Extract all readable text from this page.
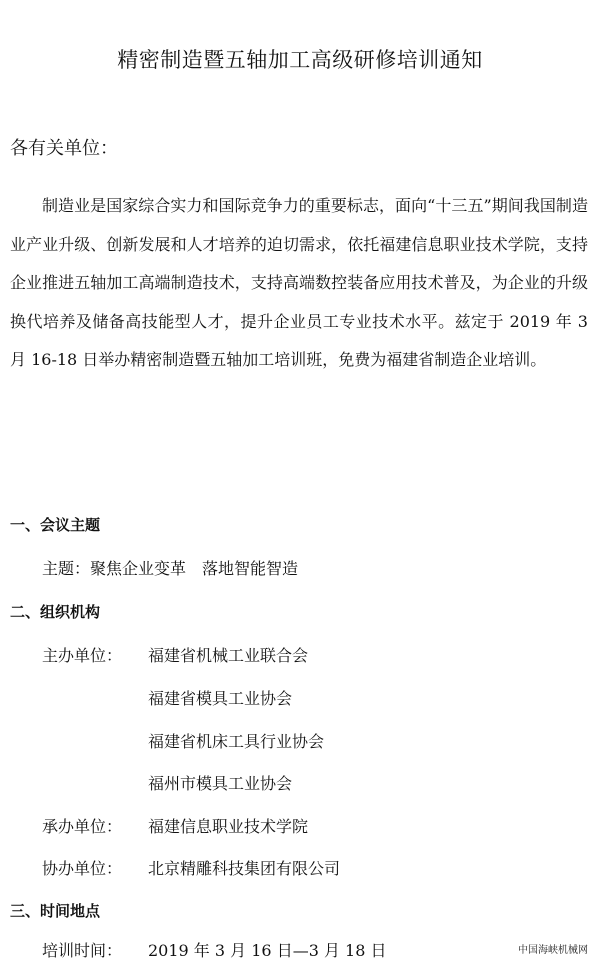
精密制造暨五轴加工高级研修培训通知

各有关单位：

制造业是国家综合实力和国际竞争力的重要标志，面向“十三五”期间我国制造业产业升级、创新发展和人才培养的迫切需求，依托福建信息职业技术学院，支持企业推进五轴加工高端制造技术，支持高端数控装备应用技术普及，为企业的升级换代培养及储备高技能型人才，提升企业员工专业技术水平。兹定于 2019 年 3 月 16-18 日举办精密制造暨五轴加工培训班，免费为福建省制造企业培训。

一、会议主题

主题：聚焦企业变革　落地智能智造

二、组织机构

主办单位： 福建省机械工业联合会

福建省模具工业协会

福建省机床工具行业协会

福州市模具工业协会

承办单位： 福建信息职业技术学院

协办单位： 北京精雕科技集团有限公司

三、时间地点

培训时间： 2019 年 3 月 16 日—3 月 18 日	中国海峡机械网
